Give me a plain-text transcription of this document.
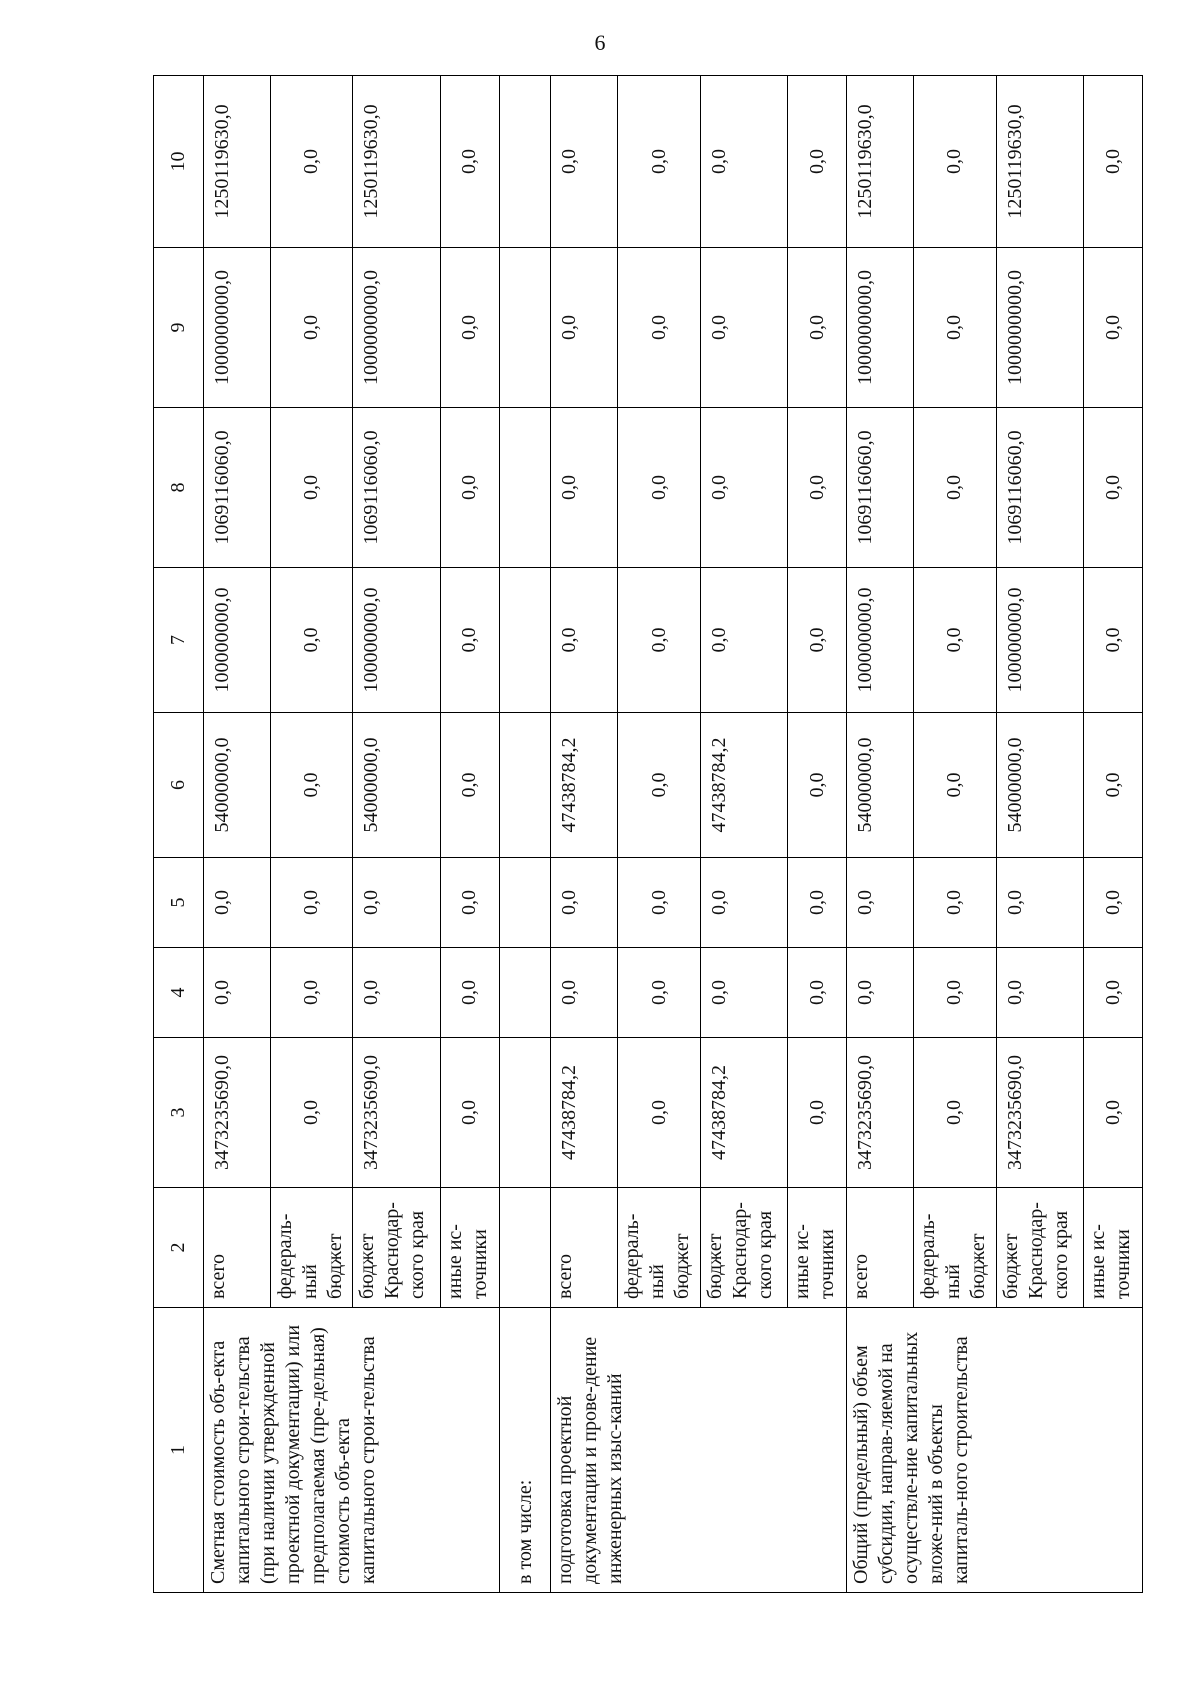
6
1	2	3	4	5	6	7	8	9	10
Сметная стоимость объ-екта капитального строи-тельства (при наличии утвержденной проектной документации) или предполагаемая (пре-дельная) стоимость объ-екта капитального строи-тельства	всего	3473235690,0	0,0	0,0	54000000,0	100000000,0	1069116060,0	1000000000,0	1250119630,0
	федераль-ный бюджет	0,0	0,0	0,0	0,0	0,0	0,0	0,0	0,0
	бюджет Краснодар-ского края	3473235690,0	0,0	0,0	54000000,0	100000000,0	1069116060,0	1000000000,0	1250119630,0
	иные ис-точники	0,0	0,0	0,0	0,0	0,0	0,0	0,0	0,0
в том числе:									
подготовка проектной документации и прове-дение инженерных изыс-каний	всего	47438784,2	0,0	0,0	47438784,2	0,0	0,0	0,0	0,0
	федераль-ный бюджет	0,0	0,0	0,0	0,0	0,0	0,0	0,0	0,0
	бюджет Краснодар-ского края	47438784,2	0,0	0,0	47438784,2	0,0	0,0	0,0	0,0
	иные ис-точники	0,0	0,0	0,0	0,0	0,0	0,0	0,0	0,0
Общий (предельный) объем субсидии, направ-ляемой на осуществле-ние капитальных вложе-ний в объекты капиталь-ного строительства	всего	3473235690,0	0,0	0,0	54000000,0	100000000,0	1069116060,0	1000000000,0	1250119630,0
	федераль-ный бюджет	0,0	0,0	0,0	0,0	0,0	0,0	0,0	0,0
	бюджет Краснодар-ского края	3473235690,0	0,0	0,0	54000000,0	100000000,0	1069116060,0	1000000000,0	1250119630,0
	иные ис-точники	0,0	0,0	0,0	0,0	0,0	0,0	0,0	0,0
